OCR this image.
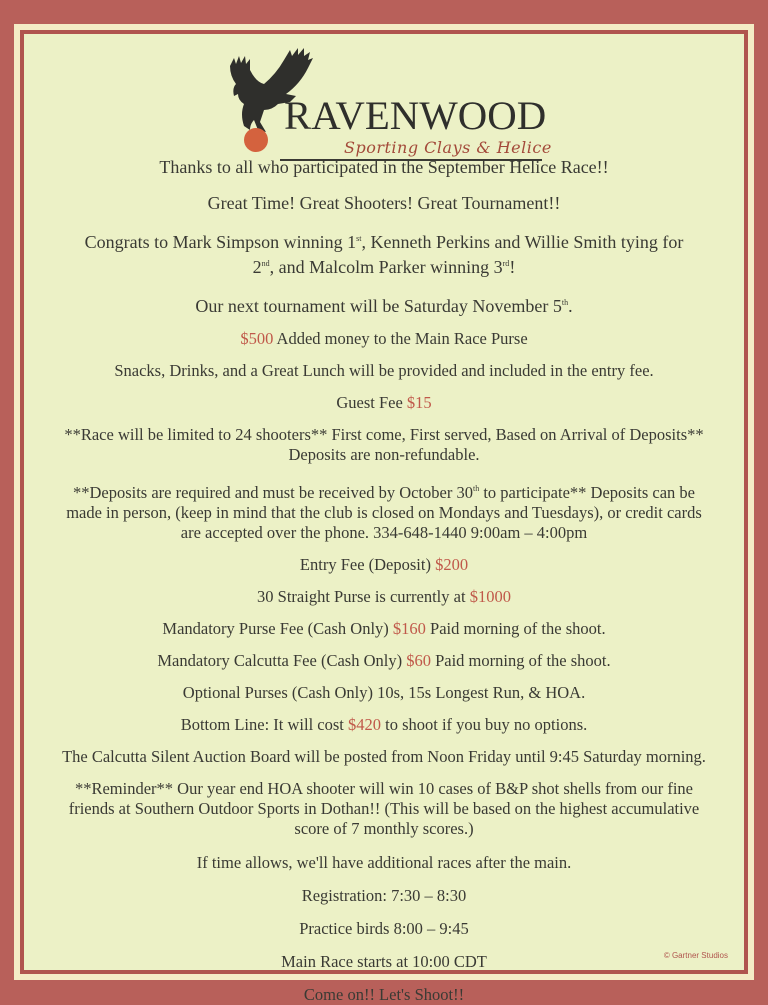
RAVENWOOD
Sporting Clays & Helice

Thanks to all who participated in the September Helice Race!!

Great Time! Great Shooters! Great Tournament!!

Congrats to Mark Simpson winning 1st, Kenneth Perkins and Willie Smith tying for
2nd, and Malcolm Parker winning 3rd!

Our next tournament will be Saturday November 5th.

$500 Added money to the Main Race Purse

Snacks, Drinks, and a Great Lunch will be provided and included in the entry fee.

Guest Fee $15

**Race will be limited to 24 shooters** First come, First served, Based on Arrival of Deposits**
Deposits are non-refundable.

**Deposits are required and must be received by October 30th to participate** Deposits can be
made in person, (keep in mind that the club is closed on Mondays and Tuesdays), or credit cards
are accepted over the phone. 334-648-1440 9:00am – 4:00pm

Entry Fee (Deposit) $200

30 Straight Purse is currently at $1000

Mandatory Purse Fee (Cash Only) $160 Paid morning of the shoot.

Mandatory Calcutta Fee (Cash Only) $60 Paid morning of the shoot.

Optional Purses (Cash Only) 10s, 15s Longest Run, & HOA.

Bottom Line: It will cost $420 to shoot if you buy no options.

The Calcutta Silent Auction Board will be posted from Noon Friday until 9:45 Saturday morning.

**Reminder** Our year end HOA shooter will win 10 cases of B&P shot shells from our fine
friends at Southern Outdoor Sports in Dothan!! (This will be based on the highest accumulative
score of 7 monthly scores.)

If time allows, we'll have additional races after the main.

Registration: 7:30 – 8:30

Practice birds 8:00 – 9:45

Main Race starts at 10:00 CDT

Come on!! Let's Shoot!!

© Gartner Studios
